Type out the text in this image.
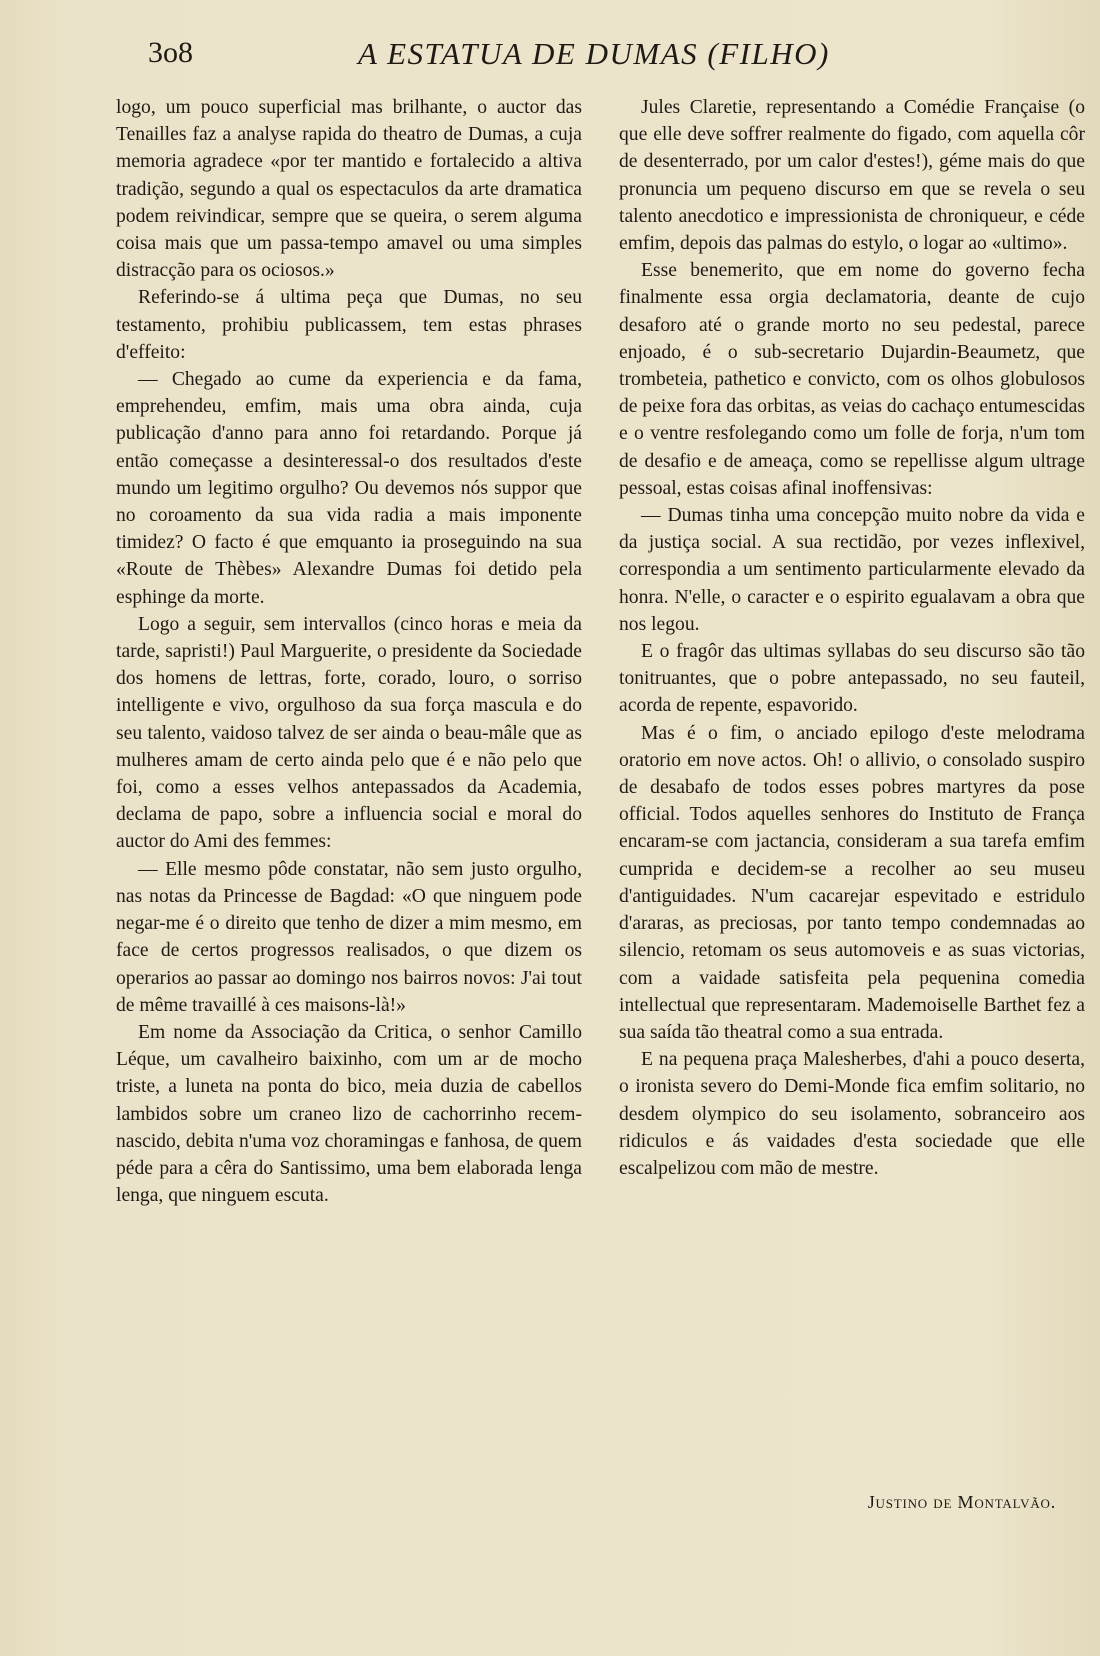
3o8	A ESTATUA DE DUMAS (FILHO)

logo, um pouco superficial mas brilhante, o auctor das Tenailles faz a analyse rapida do theatro de Dumas, a cuja memoria agradece «por ter mantido e fortalecido a altiva tradição, segundo a qual os espectaculos da arte dramatica podem reivindicar, sempre que se queira, o serem alguma coisa mais que um passa-tempo amavel ou uma simples distracção para os ociosos.»

Referindo-se á ultima peça que Dumas, no seu testamento, prohibiu publicassem, tem estas phrases d'effeito:

— Chegado ao cume da experiencia e da fama, emprehendeu, emfim, mais uma obra ainda, cuja publicação d'anno para anno foi retardando. Porque já então começasse a desinteressal-o dos resultados d'este mundo um legitimo orgulho? Ou devemos nós suppor que no coroamento da sua vida radia a mais imponente timidez? O facto é que emquanto ia proseguindo na sua «Route de Thèbes» Alexandre Dumas foi detido pela esphinge da morte.

Logo a seguir, sem intervallos (cinco horas e meia da tarde, sapristi!) Paul Marguerite, o presidente da Sociedade dos homens de lettras, forte, corado, louro, o sorriso intelligente e vivo, orgulhoso da sua força mascula e do seu talento, vaidoso talvez de ser ainda o beau-mâle que as mulheres amam de certo ainda pelo que é e não pelo que foi, como a esses velhos antepassados da Academia, declama de papo, sobre a influencia social e moral do auctor do Ami des femmes:

— Elle mesmo pôde constatar, não sem justo orgulho, nas notas da Princesse de Bagdad: «O que ninguem pode negar-me é o direito que tenho de dizer a mim mesmo, em face de certos progressos realisados, o que dizem os operarios ao passar ao domingo nos bairros novos: J'ai tout de même travaillé à ces maisons-là!»

Em nome da Associação da Critica, o senhor Camillo Léque, um cavalheiro baixinho, com um ar de mocho triste, a luneta na ponta do bico, meia duzia de cabellos lambidos sobre um craneo lizo de cachorrinho recem-nascido, debita n'uma voz choramingas e fanhosa, de quem péde para a cêra do Santissimo, uma bem elaborada lenga lenga, que ninguem escuta.

Jules Claretie, representando a Comédie Française (o que elle deve soffrer realmente do figado, com aquella côr de desenterrado, por um calor d'estes!), géme mais do que pronuncia um pequeno discurso em que se revela o seu talento anecdotico e impressionista de chroniqueur, e céde emfim, depois das palmas do estylo, o logar ao «ultimo».

Esse benemerito, que em nome do governo fecha finalmente essa orgia declamatoria, deante de cujo desaforo até o grande morto no seu pedestal, parece enjoado, é o sub-secretario Dujardin-Beaumetz, que trombeteia, pathetico e convicto, com os olhos globulosos de peixe fora das orbitas, as veias do cachaço entumescidas e o ventre resfolegando como um folle de forja, n'um tom de desafio e de ameaça, como se repellisse algum ultrage pessoal, estas coisas afinal inoffensivas:

— Dumas tinha uma concepção muito nobre da vida e da justiça social. A sua rectidão, por vezes inflexivel, correspondia a um sentimento particularmente elevado da honra. N'elle, o caracter e o espirito egualavam a obra que nos legou.

E o fragôr das ultimas syllabas do seu discurso são tão tonitruantes, que o pobre antepassado, no seu fauteil, acorda de repente, espavorido.

Mas é o fim, o anciado epilogo d'este melodrama oratorio em nove actos. Oh! o allivio, o consolado suspiro de desabafo de todos esses pobres martyres da pose official. Todos aquelles senhores do Instituto de França encaram-se com jactancia, consideram a sua tarefa emfim cumprida e decidem-se a recolher ao seu museu d'antiguidades. N'um cacarejar espevitado e estridulo d'araras, as preciosas, por tanto tempo condemnadas ao silencio, retomam os seus automoveis e as suas victorias, com a vaidade satisfeita pela pequenina comedia intellectual que representaram. Mademoiselle Barthet fez a sua saída tão theatral como a sua entrada.

E na pequena praça Malesherbes, d'ahi a pouco deserta, o ironista severo do Demi-Monde fica emfim solitario, no desdem olympico do seu isolamento, sobranceiro aos ridiculos e ás vaidades d'esta sociedade que elle escalpelizou com mão de mestre.

Justino de Montalvão.
